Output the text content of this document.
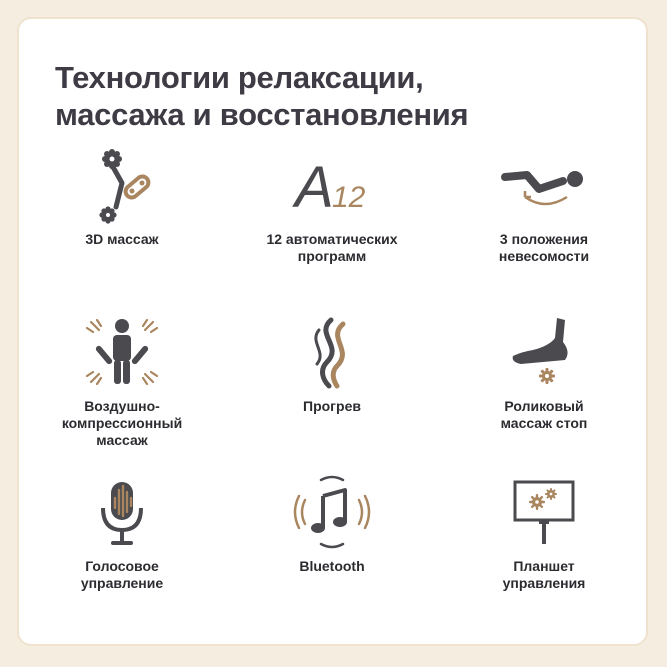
Технологии релаксации,
массажа и восстановления
3D массаж
A
12
12 автоматических
программ
3 положения
невесомости
Воздушно-
компрессионный
массаж
Прогрев	Роликовый
массаж стоп
Голосовое
управление
Bluetooth	Планшет
управления
